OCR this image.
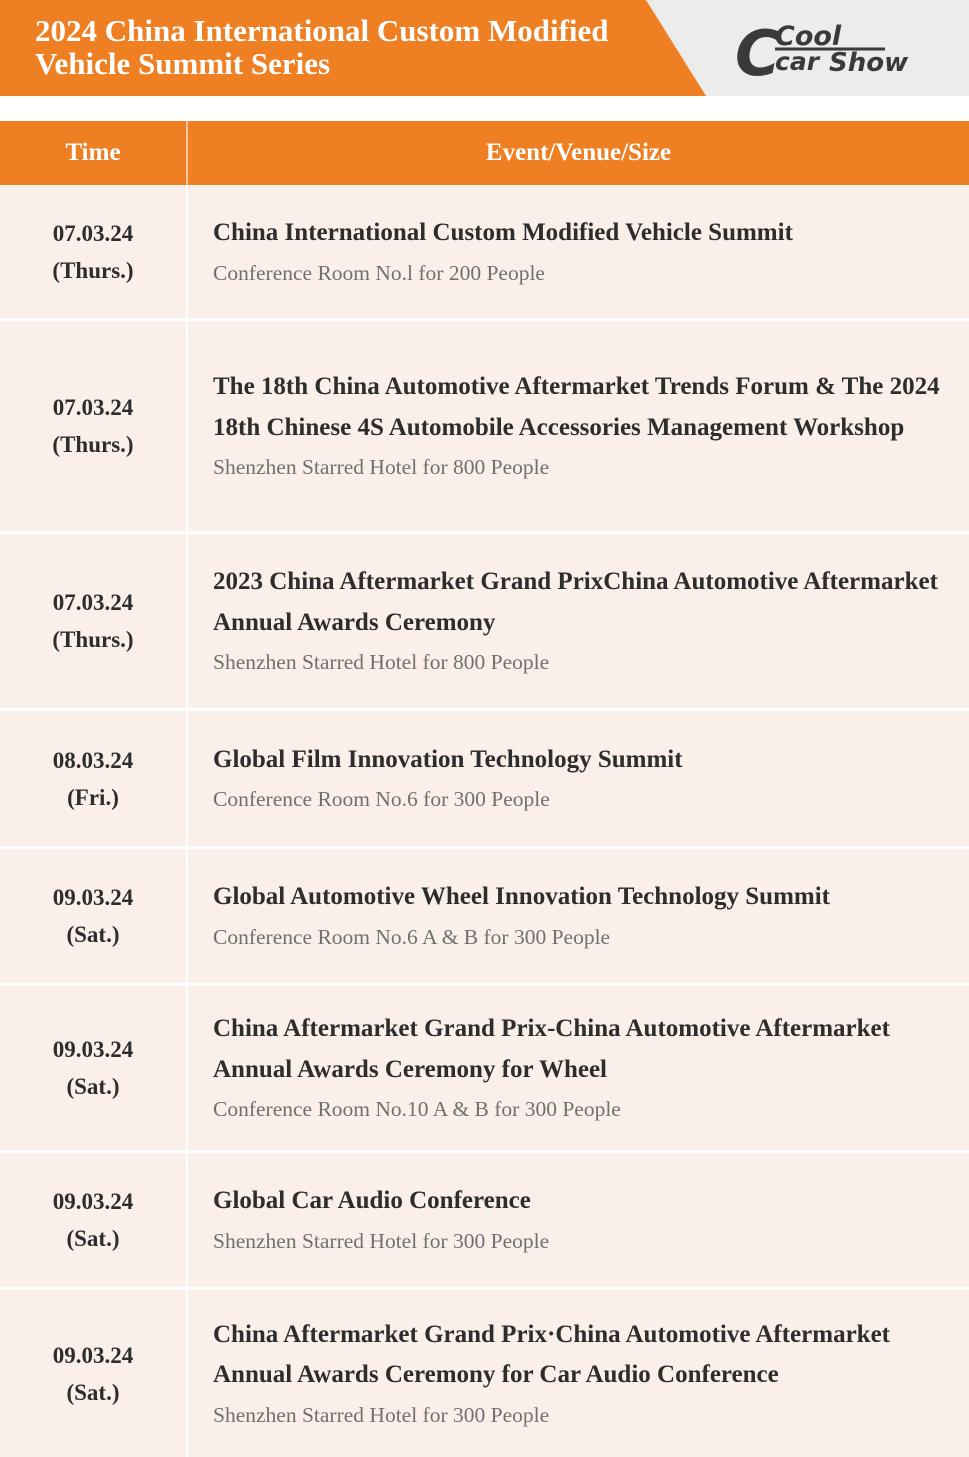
2024 China International Custom Modified
Vehicle Summit Series	C
Cool
car Show
Time	Event/Venue/Size
07.03.24
(Thurs.)
China International Custom Modified Vehicle Summit
Conference Room No.l for 200 People
07.03.24
(Thurs.)
The 18th China Automotive Aftermarket Trends Forum & The 2024 18th Chinese 4S Automobile Accessories Management Workshop
Shenzhen Starred Hotel for 800 People
07.03.24
(Thurs.)
2023 China Aftermarket Grand PrixChina Automotive Aftermarket Annual Awards Ceremony
Shenzhen Starred Hotel for 800 People
08.03.24
(Fri.)
Global Film Innovation Technology Summit
Conference Room No.6 for 300 People
09.03.24
(Sat.)
Global Automotive Wheel Innovation Technology Summit
Conference Room No.6 A & B for 300 People
09.03.24
(Sat.)
China Aftermarket Grand Prix-China Automotive Aftermarket Annual Awards Ceremony for Wheel
Conference Room No.10 A & B for 300 People
09.03.24
(Sat.)
Global Car Audio Conference
Shenzhen Starred Hotel for 300 People
09.03.24
(Sat.)
China Aftermarket Grand Prix·China Automotive Aftermarket Annual Awards Ceremony for Car Audio Conference
Shenzhen Starred Hotel for 300 People
